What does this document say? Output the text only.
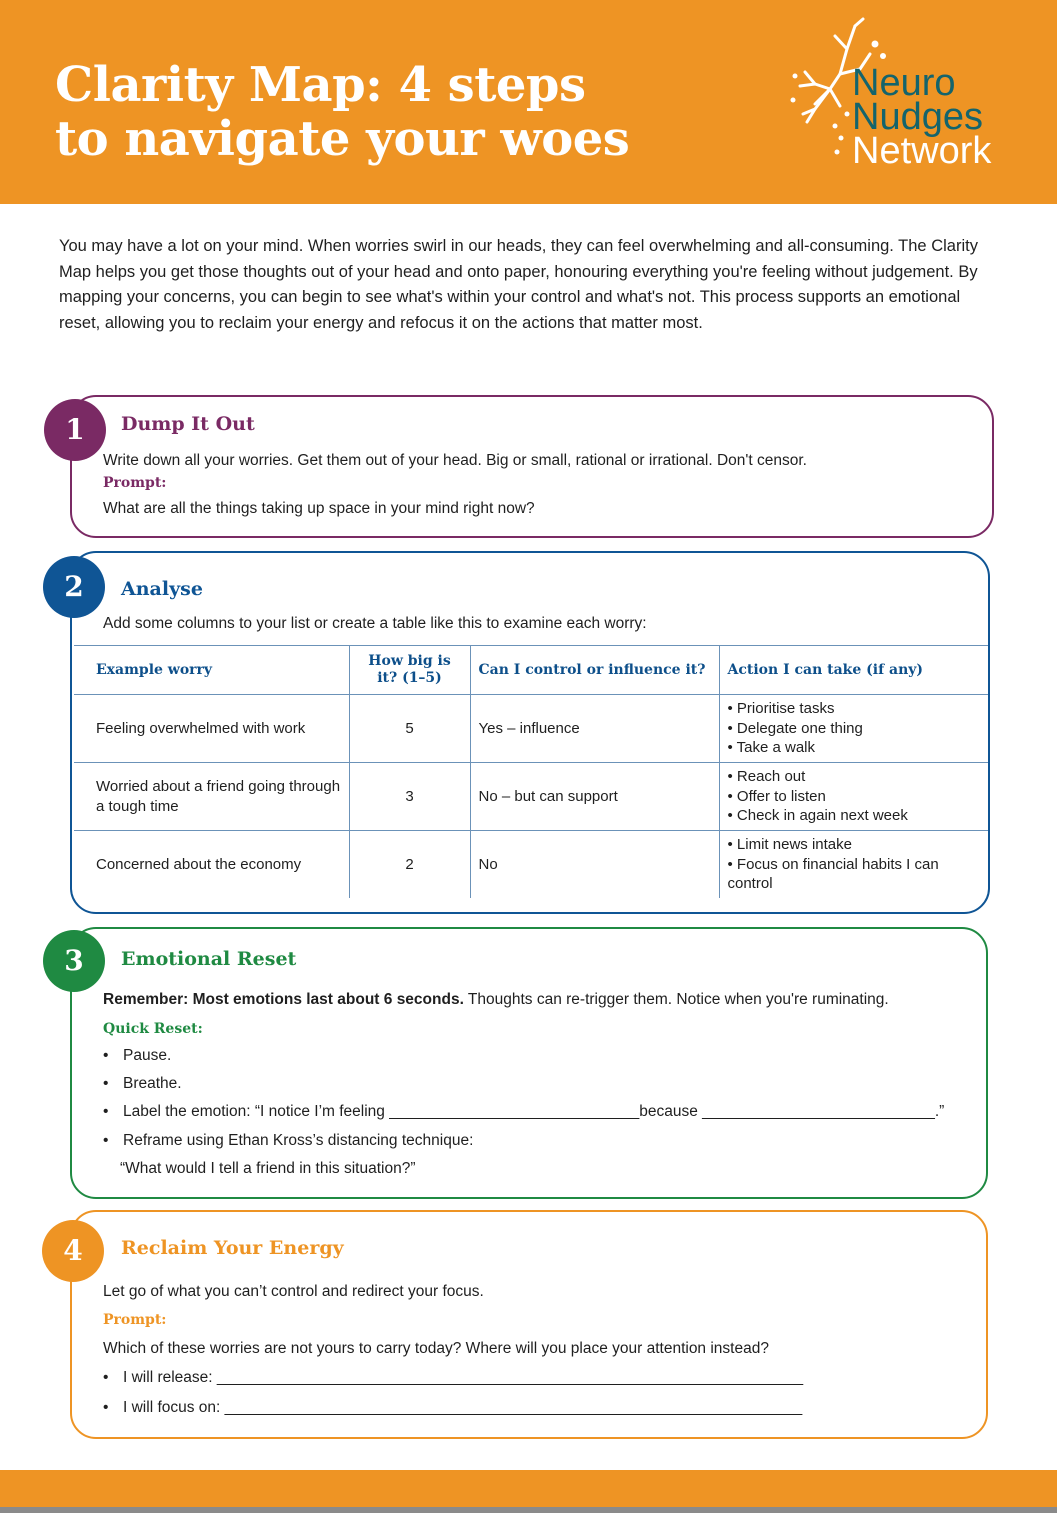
Clarity Map: 4 steps
to navigate your woes
Neuro
Nudges
Network

You may have a lot on your mind. When worries swirl in our heads, they can feel overwhelming and all-consuming. The Clarity Map helps you get those thoughts out of your head and onto paper, honouring everything you're feeling without judgement. By mapping your concerns, you can begin to see what's within your control and what's not. This process supports an emotional reset, allowing you to reclaim your energy and refocus it on the actions that matter most.

1	Dump It Out
Write down all your worries. Get them out of your head. Big or small, rational or irrational. Don't censor.
Prompt:
What are all the things taking up space in your mind right now?
2	Analyse
Add some columns to your list or create a table like this to examine each worry:
Example worry	How big is it? (1–5)	Can I control or influence it?	Action I can take (if any)
Feeling overwhelmed with work	5	Yes – influence	• Prioritise tasks
• Delegate one thing
• Take a walk
Worried about a friend going through a tough time	3	No – but can support	• Reach out
• Offer to listen
• Check in again next week
Concerned about the economy	2	No	• Limit news intake
• Focus on financial habits I can control
3	Emotional Reset
Remember: Most emotions last about 6 seconds. Thoughts can re-trigger them. Notice when you're ruminating.
Quick Reset:
• Pause.
• Breathe.
• Label the emotion: “I notice I’m feeling _____________________________because ___________________________.”
• Reframe using Ethan Kross’s distancing technique:
“What would I tell a friend in this situation?”
4	Reclaim Your Energy
Let go of what you can’t control and redirect your focus.
Prompt:
Which of these worries are not yours to carry today? Where will you place your attention instead?
• I will release: ____________________________________________________________________
• I will focus on: ___________________________________________________________________
